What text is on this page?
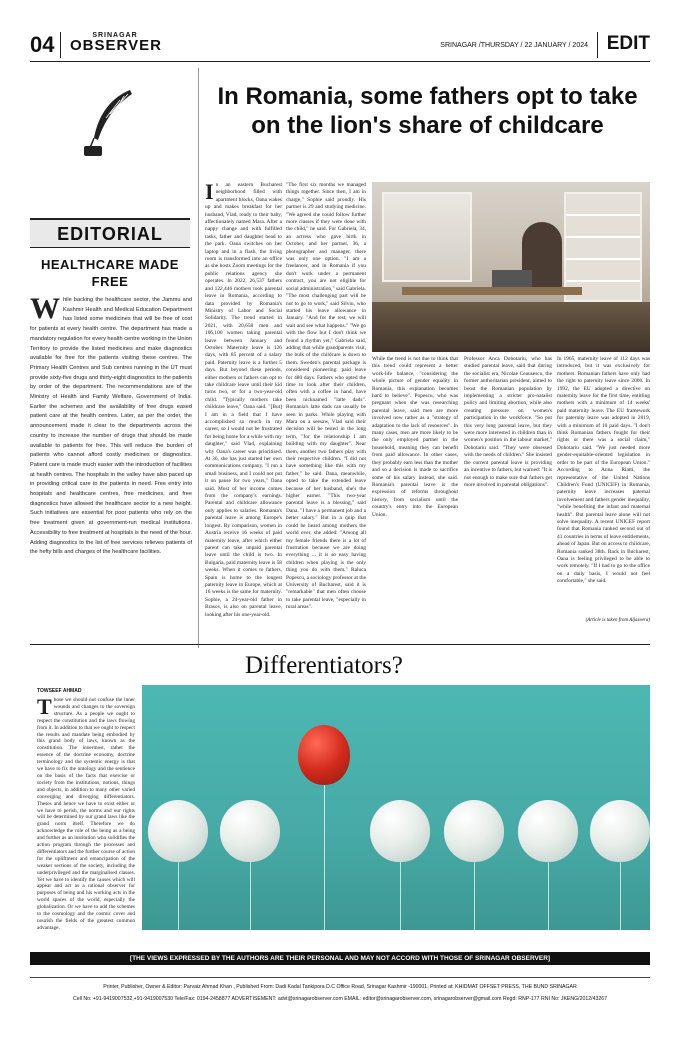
04	SRINAGAR
OBSERVER	SRINAGAR /THURSDAY / 22 JANUARY / 2024 EDIT
EDITORIAL
HEALTHCARE MADE FREE
While backing the healthcare sector, the Jammu and Kashmir Health and Medical Education Department has listed some medicines that will be free of cost for patients at every health centre. The department has made a mandatory regulation for every health centre working in the Union Territory to provide the listed medicines and make diagnostics available for free for the patients visiting these centres. The Primary Health Centres and Sub centres running in the UT must provide sixty-five drugs and thirty-eight diagnostics to the patients by order of the department. The recommendations are of the Ministry of Health and Family Welfare, Government of India. Earlier the schemes and the availability of free drugs eased patient care at the health centres. Later, as per the order, the announcement made it clear to the departments across the country to increase the number of drugs that should be made available to patients for free. This will reduce the burden of patients who cannot afford costly medicines or diagnostics. Patient care is made much easier with the introduction of facilities at health centres. The hospitals in the valley have also paced up in providing critical care to the patients in need. Free entry into hospitals and healthcare centres, free medicines, and free diagnostics have allowed the healthcare sector to a new height. Such initiatives are essential for poor patients who rely on the free treatment given at government-run medical institutions. Accessibility to free treatment at hospitals is the need of the hour. Adding diagnostics to the list of free services relieves patients of the hefty bills and charges of the healthcare facilities.
In Romania, some fathers opt to take on the lion's share of childcare
In an eastern Bucharest neighborhood filled with apartment blocks, Oana wakes up and makes breakfast for her husband, Vlad, ready to their baby, affectionately named Mara. After a nappy change and with fulfilled tasks, father and daughter head to the park. Oana switches on her laptop and in a flash, the living room is transformed into an office as she hosts Zoom meetings for the public relations agency she operates. In 2022, 26,537 fathers and 122,446 mothers took parental leave in Romania, according to data provided by Romania's Ministry of Labor and Social Solidarity. The trend started in 2021, with 20,658 men and 106,100 women taking parental leave between January and October. Maternity leave is 126 days, with 85 percent of a salary paid. Paternity leave is a further 5 days. But beyond these periods, either mothers or fathers can opt to take childcare leave until their kid turns two, or for a two-year-old child. "Typically mothers take childcare leave," Oana said. "[But] I am in a field that I have accomplished so much in my career, so I would not be frustrated for being home for a while with my daughter," said Vlad, explaining why Oana's career was prioritised. At 36, she has just started her own communications company. "I run a small business, and I could not put it on pause for two years," Oana said. Most of her income comes from the company's earnings. Parental and childcare allowance only applies to salaries. Romania's parental leave is among Europe's longest. By comparison, women in Austria receive 16 weeks of paid maternity leave, after which either parent can take unpaid parental leave until the child is two. In Bulgaria, paid maternity leave is 58 weeks. When it comes to fathers, Spain is home to the longest paternity leave in Europe, which at 16 weeks is the same for maternity. Sophie, a 24-year-old father in Brasov, is also on parental leave, looking after his one-year-old.
"The first six months we managed things together. Since then, I am in charge," Sophie said proudly. His partner is 29 and studying medicine. "We agreed she could follow further more classes if they were done with the child," he said. For Gabriela, 34, an actress who gave birth in October, and her partner, 36, a photographer and manager, there was only one option. "I am a freelancer, and in Romania if you don't work under a permanent contract, you are not eligible for social administration," said Gabriela. "The most challenging part will be not to go to work," said Silviu, who started his leave allowance in January. "And for the rest, we will wait and see what happens." "We go with the flow but I don't think we found a rhythm yet," Gabriela said, adding that while grandparents visit, the bulk of the childcare is down to them. Sweden's parental package is considered pioneering: paid leave for 480 days. Fathers who opted the time to look after their children, often with a coffee in hand, have been nicknamed "latte dads". Romania's latte dads can usually be seen in parks. While playing with Mara on a seesaw, Vlad said their decision will be tested in the long term, "for the relationship I am building with my daughter". Near them, another two fathers play with their respective children. "I did not have something like this with my father," he said. Dana, meanwhile, opted to take the extended leave because of her husband, she's the higher earner. "This two-year parental leave is a blessing," said Dana. "I have a permanent job and a better salary." But in a quip that could be heard among mothers the world over, she added: "Among all my female friends there is a lot of frustration because we are doing everything ... it is so easy having children when playing is the only thing you do with them." Raluca Popescu, a sociology professor at the University of Bucharest, said it is "remarkable" that men often choose to take parental leave, "especially in rural areas".
While the trend is not due to think that this trend could represent a better work-life balance, "considering the whole picture of gender equality in Romania, this explanation becomes hard to believe". Popescu, who was pregnant when she was researching parental leave, said men are more involved now rather as a "strategy of adaptation to the lack of resources". In many cases, men are more likely to be the only employed partner in the household, meaning they can benefit from paid allowance. In other cases, they probably earn less than the mother and so a decision is made to sacrifice some of his salary instead, she said. Romania's parental leave is the expression of reforms throughout history, from socialism until the country's entry into the European Union.
Professor Anca Dohotariu, who has studied parental leave, said that during the socialist era, Nicolae Ceausescu, the former authoritarian president, aimed to boost the Romanian population by implementing a stricter pro-natalist policy and limiting abortion, while also creating pressure on women's participation in the workforce. "So put this very long parental leave, but they were more interested in children than in women's position in the labour market," Dohotariu said. "They were obsessed with the needs of children." She insisted the current parental leave is providing an incentive to fathers, but warned: "It is not enough to make sure that fathers get more involved in parental obligations".
In 1965, maternity leave of 112 days was introduced, but it was exclusively for mothers. Romanian fathers have only had the right to paternity leave since 2000. In 1992, the EU adopted a directive on maternity leave for the first time, entitling mothers with a minimum of 14 weeks' paid maternity leave. The EU framework for paternity leave was adopted in 2019, with a minimum of 10 paid days. "I don't think Romanian fathers fought for their rights or there was a social claim," Dohotariu said. "We just needed more gender-equitable-oriented legislation in order to be part of the European Union." According to Anna Riatti, the representative of the United Nations Children's Fund (UNICEF) in Romania, paternity leave increases paternal involvement and fathers gender inequality, "while benefiting the infant and maternal health". But parental leave alone will not solve inequality. A recent UNICEF report found that Romania ranked second out of 41 countries in terms of leave entitlements, ahead of Japan. But on access to childcare, Romania ranked 38th. Back in Bucharest, Oana is feeling privileged to be able to work remotely. "If I had to go to the office on a daily basis, I would not feel comfortable," she said.
(Article is taken from Aljazeera)
Differentiators?
TOWSEEF AHMAD
Those we should not confuse the inner wounds and changes to the sovereign structure. As a people we ought to respect the constitution and the laws flowing from it. In addition to that we ought to respect the results and mandate being embodied by this grand body of laws, known as the constitution. The innermost, rather the essence of the doctrine economy, doctrine terminology and the systemic energy is that we have to fix the ontology and the sentience on the basis of the facts that exercise or society from the institutions, notions, things and objects, in addition to many other varied converging and diverging differentiators. Theses and hence we have to exist either or we have to perish, the norms and our rights will be determined by our grand laws like the grand norm itself. Therefore we do acknowledge the role of the being as a being and further as an institution who solidifies the action program through the processes and differentiators and the further course of action for the upliftment and emancipation of the weaker sections of the society, including the underprivileged and the marginalised classes. Yet we have to identify the causes which will appear and act as a rational observer for purposes of being and his working acts in the world spaces of the world, especially the globalization. Or we have to add the schemes to the cosmology and the cosmic cover and nourish the fields of the greatest common advantage.
[THE VIEWS EXPRESSED BY THE AUTHORS ARE THEIR PERSONAL AND MAY NOT ACCORD WITH THOSE OF SRINAGAR OBSERVER]
Printer, Publisher, Owner & Editor: Parvaiz Ahmad Khan , Published From: Dadi Kadal Tankipora D.C Office Road, Srinagar Kashmir -190001, Printed at: KHIDMAT OFFSET PRESS, THE BUND SRINAGAR
Cell No: +91-9419007532,+91-9419007530 Tele/Fax: 0194-2458877 ADVERTISEMENT: advt@srinagarobserver.com EMAIL: editor@srinagarobserver.com, srinagarobserver@gmail.com Regd: RNP-177 RNI No: JKENG/2012/43267
